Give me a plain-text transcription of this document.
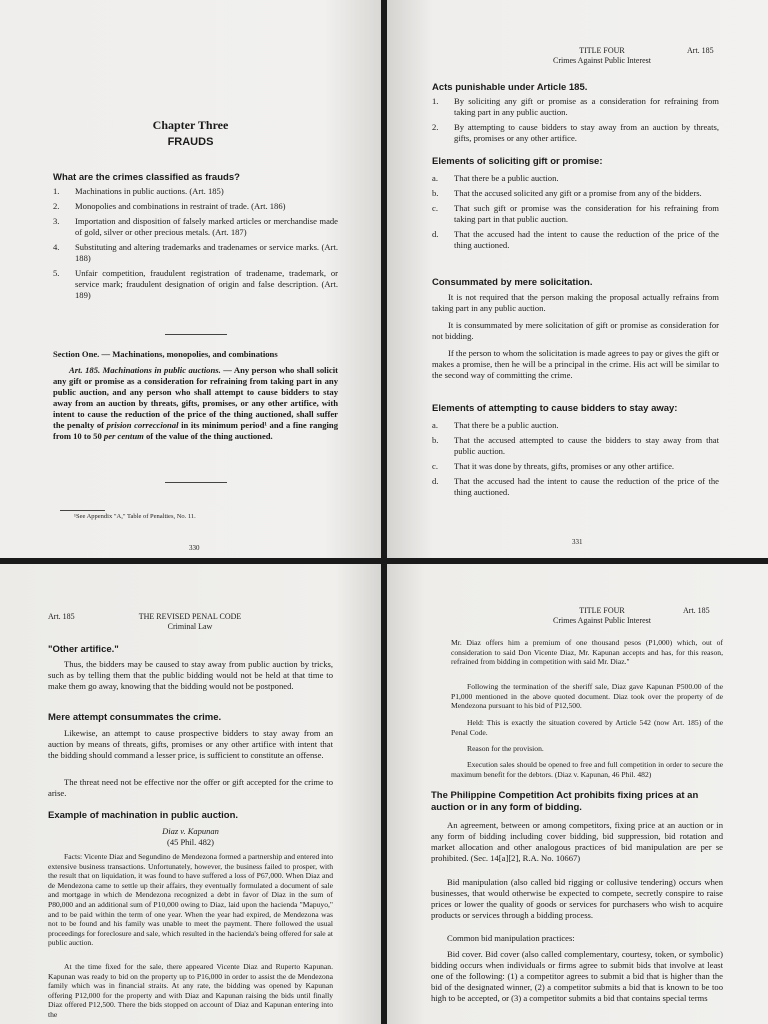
Chapter Three
FRAUDS
What are the crimes classified as frauds?
1. Machinations in public auctions. (Art. 185)
2. Monopolies and combinations in restraint of trade. (Art. 186)
3. Importation and disposition of falsely marked articles or merchandise made of gold, silver or other precious metals. (Art. 187)
4. Substituting and altering trademarks and tradenames or service marks. (Art. 188)
5. Unfair competition, fraudulent registration of tradename, trademark, or service mark; fraudulent designation of origin and false description. (Art. 189)
Section One. — Machinations, monopolies, and combinations
Art. 185. Machinations in public auctions. — Any person who shall solicit any gift or promise as a consideration for refraining from taking part in any public auction, and any person who shall attempt to cause bidders to stay away from an auction by threats, gifts, promises, or any other artifice, with intent to cause the reduction of the price of the thing auctioned, shall suffer the penalty of prision correccional in its minimum period¹ and a fine ranging from 10 to 50 per centum of the value of the thing auctioned.
¹See Appendix "A," Table of Penalties, No. 11.
330
TITLE FOUR
Crimes Against Public Interest
Art. 185
Acts punishable under Article 185.
1. By soliciting any gift or promise as a consideration for refraining from taking part in any public auction.
2. By attempting to cause bidders to stay away from an auction by threats, gifts, promises or any other artifice.
Elements of soliciting gift or promise:
a. That there be a public auction.
b. That the accused solicited any gift or a promise from any of the bidders.
c. That such gift or promise was the consideration for his refraining from taking part in that public auction.
d. That the accused had the intent to cause the reduction of the price of the thing auctioned.
Consummated by mere solicitation.
It is not required that the person making the proposal actually refrains from taking part in any public auction.
It is consummated by mere solicitation of gift or promise as consideration for not bidding.
If the person to whom the solicitation is made agrees to pay or gives the gift or makes a promise, then he will be a principal in the crime. His act will be similar to the second way of committing the crime.
Elements of attempting to cause bidders to stay away:
a. That there be a public auction.
b. That the accused attempted to cause the bidders to stay away from that public auction.
c. That it was done by threats, gifts, promises or any other artifice.
d. That the accused had the intent to cause the reduction of the price of the thing auctioned.
331
Art. 185	THE REVISED PENAL CODE
Criminal Law
"Other artifice."
Thus, the bidders may be caused to stay away from public auction by tricks, such as by telling them that the public bidding would not be held at that time to make them go away, knowing that the bidding would not be postponed.
Mere attempt consummates the crime.
Likewise, an attempt to cause prospective bidders to stay away from an auction by means of threats, gifts, promises or any other artifice with intent that the bidding should command a lesser price, is sufficient to constitute an offense.
The threat need not be effective nor the offer or gift accepted for the crime to arise.
Example of machination in public auction.
Diaz v. Kapunan
(45 Phil. 482)
Facts: Vicente Diaz and Segundino de Mendezona formed a partnership and entered into extensive business transactions. Unfortunately, however, the business failed to prosper, with the result that on liquidation, it was found to have suffered a loss of P67,000. When Diaz and de Mendezona came to settle up their affairs, they eventually formulated a document of sale and mortgage in which de Mendezona recognized a debt in favor of Diaz in the sum of P80,000 and an additional sum of P10,000 owing to Diaz, laid upon the hacienda "Mapuyo," and to be paid within the term of one year. When the year had expired, de Mendezona was not to be found and his family was unable to meet the payment. There followed the usual proceedings for foreclosure and sale, which resulted in the hacienda's being offered for sale at public auction.
At the time fixed for the sale, there appeared Vicente Diaz and Ruperto Kapunan. Kapunan was ready to bid on the property up to P16,000 in order to assist the de Mendezona family which was in financial straits. At any rate, the bidding was opened by Kapunan offering P12,000 for the property and with Diaz and Kapunan raising the bids until finally Diaz offered P12,500. There the bids stopped on account of Diaz and Kapunan entering into the
TITLE FOUR
Crimes Against Public Interest
Art. 185
Mr. Diaz offers him a premium of one thousand pesos (P1,000) which, out of consideration to said Don Vicente Diaz, Mr. Kapunan accepts and has, for this reason, refrained from bidding in competition with said Mr. Diaz."
Following the termination of the sheriff sale, Diaz gave Kapunan P500.00 of the P1,000 mentioned in the above quoted document. Diaz took over the property of de Mendezona pursuant to his bid of P12,500.
Held: This is exactly the situation covered by Article 542 (now Art. 185) of the Penal Code.
Reason for the provision.
Execution sales should be opened to free and full competition in order to secure the maximum benefit for the debtors. (Diaz v. Kapunan, 46 Phil. 482)
The Philippine Competition Act prohibits fixing prices at an auction or in any form of bidding.
An agreement, between or among competitors, fixing price at an auction or in any form of bidding including cover bidding, bid suppression, bid rotation and market allocation and other analogous practices of bid manipulation are per se prohibited. (Sec. 14[a][2], R.A. No. 10667)
Bid manipulation (also called bid rigging or collusive tendering) occurs when businesses, that would otherwise be expected to compete, secretly conspire to raise prices or lower the quality of goods or services for purchasers who wish to acquire products or services through a bidding process.
Common bid manipulation practices:
Bid cover. Bid cover (also called complementary, courtesy, token, or symbolic) bidding occurs when individuals or firms agree to submit bids that involve at least one of the following: (1) a competitor agrees to submit a bid that is higher than the bid of the designated winner, (2) a competitor submits a bid that is known to be too high to be accepted, or (3) a competitor submits a bid that contains special terms
